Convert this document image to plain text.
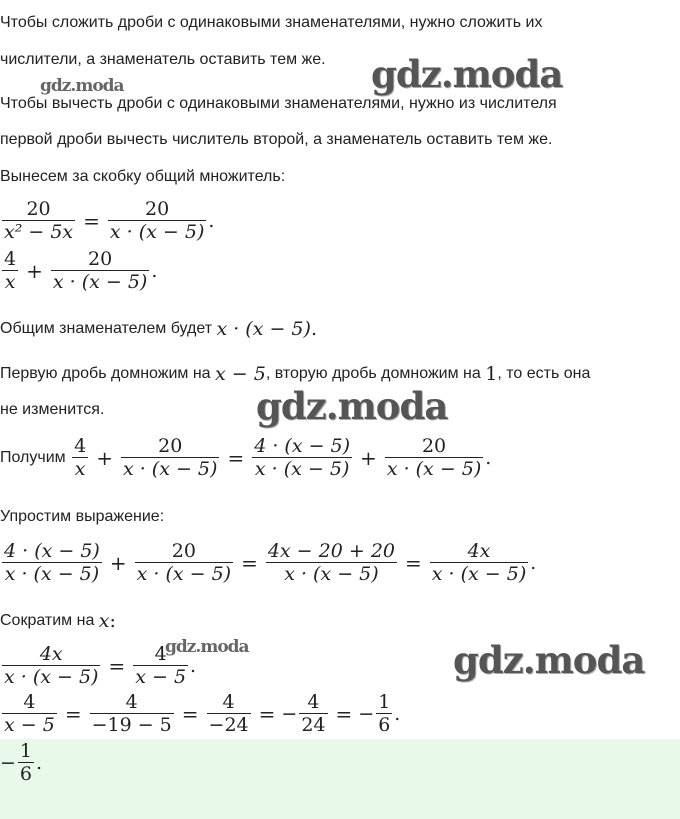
Чтобы сложить дроби с одинаковыми знаменателями, нужно сложить их
числители, а знаменатель оставить тем же.
Чтобы вычесть дроби с одинаковыми знаменателями, нужно из числителя
первой дроби вычесть числитель второй, а знаменатель оставить тем же.
Вынесем за скобку общий множитель:
$\frac{20}{\text{x² − 5x}} = \frac{20}{x \cdot (x - 5)}$ .
$\frac{4}{x} + \frac{20}{x \cdot (x - 5)}$ .
Общим знаменателем будет
x · (x − 5) .
Первую дробь домножим на
x − 5 , вторую дробь домножим на
1 , то есть она
не изменится.
Получим
$\frac{4}{x} + \frac{20}{x \cdot (x - 5)} = \frac{4 \cdot (x - 5)}{x \cdot (x - 5)} + \frac{20}{x \cdot (x - 5)}$ .
Упростим выражение:
$\frac{4 \cdot (x - 5)}{x \cdot (x - 5)} + \frac{20}{x \cdot (x - 5)} = \frac{4x - 20 + 20}{x \cdot (x - 5)} = \frac{4x}{x \cdot (x - 5)}$ .
Сократим на
x :
$\frac{4x}{x \cdot (x - 5)} = \frac{4}{x - 5}$ .
$\frac{4}{x - 5} = \frac{4}{-19 - 5} = \frac{4}{-24}$ = − $\frac{4}{24}$ = − $\frac{1}{6}$ .
− $\frac{1}{6}$ .
gdz.moda	gdz.moda
gdz.moda
gdz.moda	gdz.moda
